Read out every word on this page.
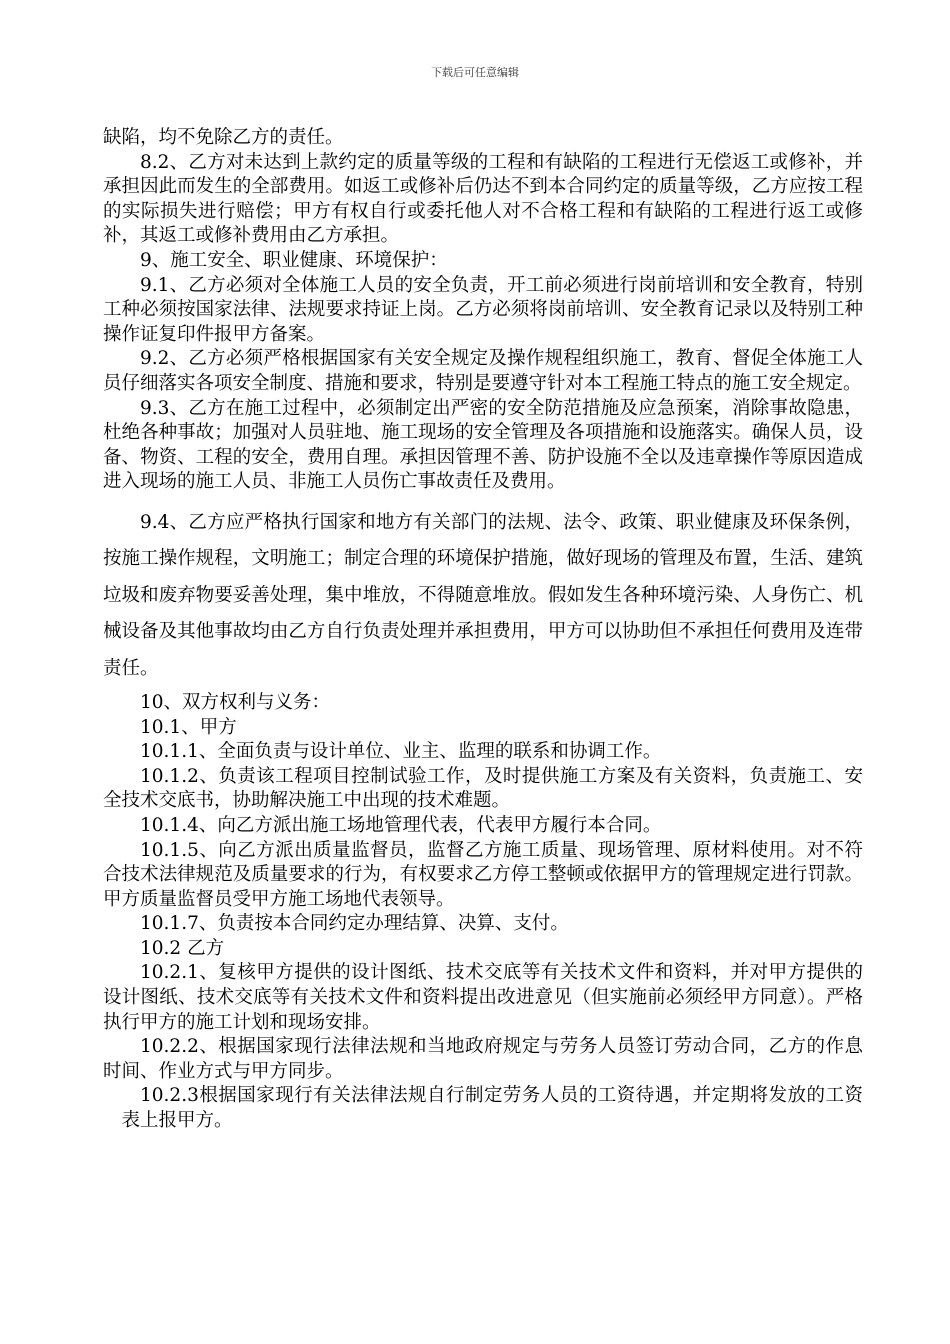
下载后可任意编辑

缺陷，均不免除乙方的责任。

8.2、乙方对未达到上款约定的质量等级的工程和有缺陷的工程进行无偿返工或修补，并承担因此而发生的全部费用。如返工或修补后仍达不到本合同约定的质量等级，乙方应按工程的实际损失进行赔偿；甲方有权自行或委托他人对不合格工程和有缺陷的工程进行返工或修补，其返工或修补费用由乙方承担。

9、施工安全、职业健康、环境保护：

9.1、乙方必须对全体施工人员的安全负责，开工前必须进行岗前培训和安全教育，特别工种必须按国家法律、法规要求持证上岗。乙方必须将岗前培训、安全教育记录以及特别工种操作证复印件报甲方备案。

9.2、乙方必须严格根据国家有关安全规定及操作规程组织施工，教育、督促全体施工人员仔细落实各项安全制度、措施和要求，特别是要遵守针对本工程施工特点的施工安全规定。

9.3、乙方在施工过程中，必须制定出严密的安全防范措施及应急预案，消除事故隐患，杜绝各种事故；加强对人员驻地、施工现场的安全管理及各项措施和设施落实。确保人员，设备、物资、工程的安全，费用自理。承担因管理不善、防护设施不全以及违章操作等原因造成进入现场的施工人员、非施工人员伤亡事故责任及费用。

9.4、乙方应严格执行国家和地方有关部门的法规、法令、政策、职业健康及环保条例，按施工操作规程，文明施工；制定合理的环境保护措施，做好现场的管理及布置，生活、建筑垃圾和废弃物要妥善处理，集中堆放，不得随意堆放。假如发生各种环境污染、人身伤亡、机械设备及其他事故均由乙方自行负责处理并承担费用，甲方可以协助但不承担任何费用及连带责任。

10、双方权利与义务：

10.1、甲方

10.1.1、全面负责与设计单位、业主、监理的联系和协调工作。

10.1.2、负责该工程项目控制试验工作，及时提供施工方案及有关资料，负责施工、安全技术交底书，协助解决施工中出现的技术难题。

10.1.4、向乙方派出施工场地管理代表，代表甲方履行本合同。

10.1.5、向乙方派出质量监督员，监督乙方施工质量、现场管理、原材料使用。对不符合技术法律规范及质量要求的行为，有权要求乙方停工整顿或依据甲方的管理规定进行罚款。甲方质量监督员受甲方施工场地代表领导。

10.1.7、负责按本合同约定办理结算、决算、支付。

10.2 乙方

10.2.1、复核甲方提供的设计图纸、技术交底等有关技术文件和资料，并对甲方提供的设计图纸、技术交底等有关技术文件和资料提出改进意见（但实施前必须经甲方同意）。严格执行甲方的施工计划和现场安排。

10.2.2、根据国家现行法律法规和当地政府规定与劳务人员签订劳动合同，乙方的作息时间、作业方式与甲方同步。

10.2.3根据国家现行有关法律法规自行制定劳务人员的工资待遇，并定期将发放的工资表上报甲方。
